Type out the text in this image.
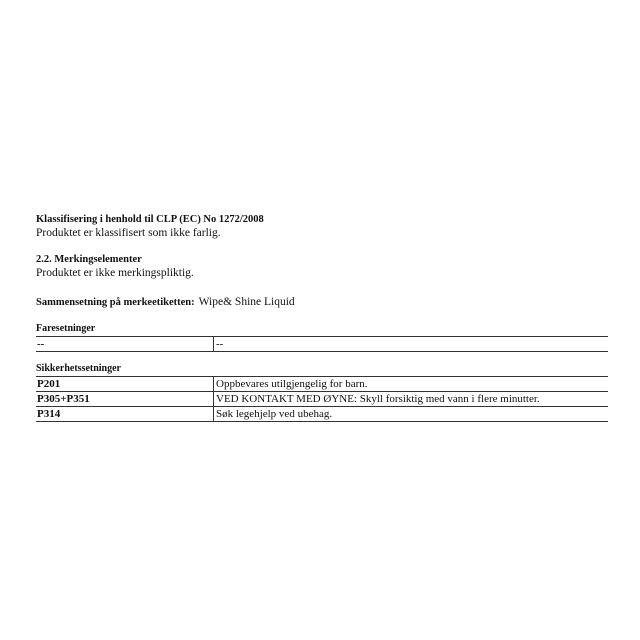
Klassifisering i henhold til CLP (EC) No 1272/2008
Produktet er klassifisert som ikke farlig.
2.2. Merkingselementer
Produktet er ikke merkingspliktig.
Sammensetning på merkeetiketten: Wipe& Shine Liquid
Faresetninger
--	--
Sikkerhetssetninger
P201	Oppbevares utilgjengelig for barn.
P305+P351	VED KONTAKT MED ØYNE: Skyll forsiktig med vann i flere minutter.
P314	Søk legehjelp ved ubehag.
